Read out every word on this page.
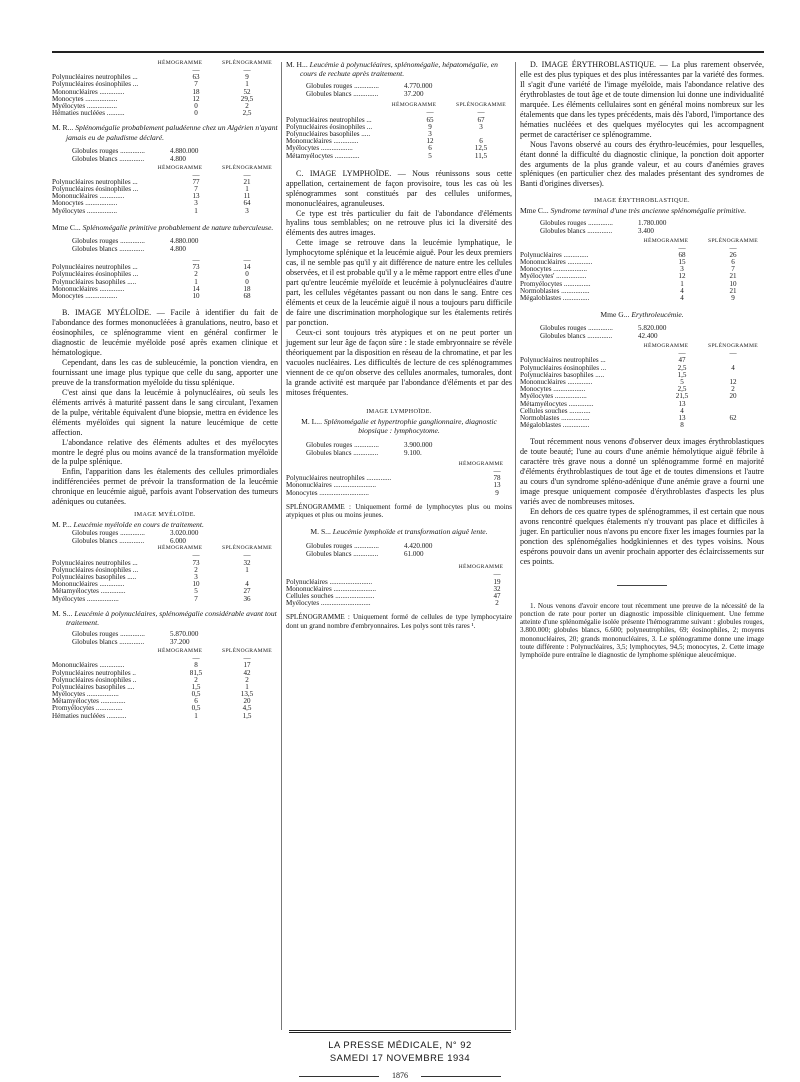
HÉMOGRAMME	SPLÉNOGRAMME
—	—
Polynucléaires neutrophiles ...	63	9
Polynucléaires éosinophiles ...	7	1
Mononucléaires ..............	18	52
Monocytes ..................	12	29,5
Myélocytes .................	0	2
Hématies nucléées ..........	0	2,5
M. R... Splénomégalie probablement paludéenne chez un Algérien n'ayant jamais eu de paludisme déclaré.
Globules rouges ..............	4.880.000
Globules blancs ..............	4.800
HÉMOGRAMME	SPLÉNOGRAMME
—	—
Polynucléaires neutrophiles ...	77	21
Polynucléaires éosinophiles ...	7	1
Mononucléaires ..............	13	11
Monocytes ..................	3	64
Myélocytes .................	1	3
Mme C... Splénomégalie primitive probablement de nature tuberculeuse.
Globules rouges ..............	4.880.000
Globules blancs ..............	4.800
—	—
Polynucléaires neutrophiles ...	73	14
Polynucléaires éosinophiles ...	2	0
Polynucléaires basophiles .....	1	0
Mononucléaires ..............	14	18
Monocytes ..................	10	68

B. IMAGE MYÉLOÏDE. — Facile à identifier du fait de l'abondance des formes mononucléées à granulations, neutro, baso et éosinophiles, ce splénogramme vient en général confirmer le diagnostic de leucémie myéloïde posé après examen clinique et hématologique.

Cependant, dans les cas de subleucémie, la ponction viendra, en fournissant une image plus typique que celle du sang, apporter une preuve de la transformation myéloïde du tissu splénique.

C'est ainsi que dans la leucémie à polynucléaires, où seuls les éléments arrivés à maturité passent dans le sang circulant, l'examen de la pulpe, véritable équivalent d'une biopsie, mettra en évidence les éléments myéloïdes qui signent la nature leucémique de cette affection.

L'abondance relative des éléments adultes et des myélocytes montre le degré plus ou moins avancé de la transformation myéloïde de la pulpe splénique.

Enfin, l'apparition dans les étalements des cellules primordiales indifférenciées permet de prévoir la transformation de la leucémie chronique en leucémie aiguë, parfois avant l'observation des tumeurs adéniques ou cutanées.

IMAGE MYÉLOÏDE.
M. P... Leucémie myéloïde en cours de traitement.
Globules rouges ..............	3.020.000
Globules blancs ..............	6.000
HÉMOGRAMME	SPLÉNOGRAMME
—	—
Polynucléaires neutrophiles ...	73	32
Polynucléaires éosinophiles ...	2	1
Polynucléaires basophiles .....	3
Mononucléaires ..............	10	4
Métamyélocytes ..............	5	27
Myélocytes ..................	7	36
M. S... Leucémie à polynucléaires, splénomégalie considérable avant tout traitement.
Globules rouges ..............	5.870.000
Globules blancs ..............	37.200
HÉMOGRAMME	SPLÉNOGRAMME
—	—
Mononucléaires ..............	8	17
Polynucléaires neutrophiles ..	81,5	42
Polynucléaires éosinophiles ..	2	2
Polynucléaires basophiles ....	1,5	1
Myélocytes ..................	0,5	13,5
Métamyélocytes ..............	6	20
Promyélocytes ...............	0,5	4,5
Hématies nucléées ...........	1	1,5
M. H... Leucémie à polynucléaires, splénomégalie, hépatomégalie, en cours de rechute après traitement.
Globules rouges ..............	4.770.000
Globules blancs ..............	37.200
HÉMOGRAMME	SPLÉNOGRAMME
—	—
Polynucléaires neutrophiles ...	65	67
Polynucléaires éosinophiles ...	9	3
Polynucléaires basophiles .....	3
Mononucléaires ..............	12	6
Myélocytes ..................	6	12,5
Métamyélocytes ..............	5	11,5

C. IMAGE LYMPHOÏDE. — Nous réunissons sous cette appellation, certainement de façon provisoire, tous les cas où les splénogrammes sont constitués par des cellules uniformes, mononucléaires, agranuleuses.

Ce type est très particulier du fait de l'abondance d'éléments hyalins tous semblables; on ne retrouve plus ici la diversité des éléments des autres images.

Cette image se retrouve dans la leucémie lymphatique, le lymphocytome splénique et la leucémie aiguë. Pour les deux premiers cas, il ne semble pas qu'il y ait différence de nature entre les cellules observées, et il est probable qu'il y a le même rapport entre elles d'une part qu'entre leucémie myéloïde et leucémie à polynucléaires d'autre part, les cellules végétantes passant ou non dans le sang. Entre ces éléments et ceux de la leucémie aiguë il nous a toujours paru difficile de faire une discrimination morphologique sur les étalements retirés par ponction.

Ceux-ci sont toujours très atypiques et on ne peut porter un jugement sur leur âge de façon sûre : le stade embryonnaire se révèle théoriquement par la disposition en réseau de la chromatine, et par les vacuoles nucléaires. Les difficultés de lecture de ces splénogrammes viennent de ce qu'on observe des cellules anormales, tumorales, dont la grande activité est marquée par l'abondance d'éléments et par des mitoses fréquentes.

IMAGE LYMPHOÏDE.
M. L... Splénomégalie et hypertrophie ganglionnaire, diagnostic biopsique : lymphocytome.
Globules rouges ..............	3.900.000
Globules blancs ..............	9.100.
HÉMOGRAMME
—
Polynucléaires neutrophiles ..............	78
Mononucléaires ........................	13
Monocytes ............................	9

SPLÉNOGRAMME : Uniquement formé de lymphocytes plus ou moins atypiques et plus ou moins jeunes.

M. S... Leucémie lymphoïde et transformation aiguë lente.
Globules rouges ..............	4.420.000
Globules blancs ..............	61.000
HÉMOGRAMME
—
Polynucléaires ........................	19
Mononucléaires ........................	32
Cellules souches ......................	47
Myélocytes ............................	2

SPLÉNOGRAMME : Uniquement formé de cellules de type lymphocytaire dont un grand nombre d'embryonnaires. Les polys sont très rares ¹.

LA PRESSE MÉDICALE, N° 92
SAMEDI 17 NOVEMBRE 1934
1876

D. IMAGE ÉRYTHROBLASTIQUE. — La plus rarement observée, elle est des plus typiques et des plus intéressantes par la variété des formes. Il s'agit d'une variété de l'image myéloïde, mais l'abondance relative des érythroblastes de tout âge et de toute dimension lui donne une individualité marquée. Les éléments cellulaires sont en général moins nombreux sur les étalements que dans les types précédents, mais dès l'abord, l'importance des hématies nucléées et des quelques myélocytes qui les accompagnent permet de caractériser ce splénogramme.

Nous l'avons observé au cours des érythro-leucémies, pour lesquelles, étant donné la difficulté du diagnostic clinique, la ponction doit apporter des arguments de la plus grande valeur, et au cours d'anémies graves spléniques (en particulier chez des malades présentant des syndromes de Banti d'origines diverses).

IMAGE ÉRYTHROBLASTIQUE.
Mme C... Syndrome terminal d'une très ancienne splénomégalie primitive.
Globules rouges ..............	1.780.000
Globules blancs ..............	3.400
HÉMOGRAMME	SPLÉNOGRAMME
—	—
Polynucléaires ..............	68	26
Mononucléaires ..............	15	6
Monocytes ...................	3	7
Myélocytes' .................	12	21
Promyélocytes ...............	1	10
Normoblastes ................	4	21
Mégaloblastes ...............	4	9
Mme G... Erythroleucémie.
Globules rouges ..............	5.820.000
Globules blancs ..............	42.400
HÉMOGRAMME	SPLÉNOGRAMME
—	—
Polynucléaires neutrophiles ...	47
Polynucléaires éosinophiles ...	2,5	4
Polynucléaires basophiles .....	1,5
Mononucléaires ..............	5	12
Monocytes ..................	2,5	2
Myélocytes ..................	21,5	20
Métamyélocytes ..............	13
Cellules souches ............	4
Normoblastes ................	13	62
Mégaloblastes ...............	8

Tout récemment nous venons d'observer deux images érythroblastiques de toute beauté; l'une au cours d'une anémie hémolytique aiguë fébrile à caractère très grave nous a donné un splénogramme formé en majorité d'éléments érythroblastiques de tout âge et de toutes dimensions et l'autre au cours d'un syndrome spléno-adénique d'une anémie grave a fourni une image presque uniquement composée d'érythroblastes d'aspects les plus variés avec de nombreuses mitoses.

En dehors de ces quatre types de splénogrammes, il est certain que nous avons rencontré quelques étalements n'y trouvant pas place et difficiles à juger. En particulier nous n'avons pu encore fixer les images fournies par la ponction des splénomégalies hodgkiniennes et des types voisins. Nous espérons pouvoir dans un avenir prochain apporter des éclaircissements sur ces points.

1. Nous venons d'avoir encore tout récemment une preuve de la nécessité de la ponction de rate pour porter un diagnostic impossible cliniquement. Une femme atteinte d'une splénomégalie isolée présente l'hémogramme suivant : globules rouges, 3.800.000; globules blancs, 6.600; polyneutrophiles, 69; éosinophiles, 2; moyens mononucléaires, 20; grands mononucléaires, 3. Le splénogramme donne une image toute différente : Polynucléaires, 3,5; lymphocytes, 94,5; monocytes, 2. Cette image lymphoïde pure entraîne le diagnostic de lymphome splénique aleucémique.
